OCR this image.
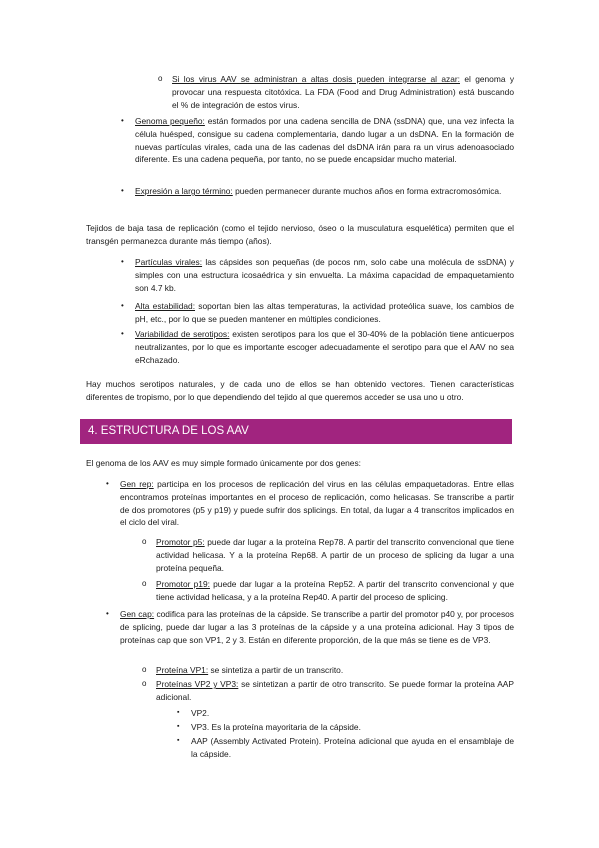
o	Si los virus AAV se administran a altas dosis pueden integrarse al azar: el genoma y provocar una respuesta citotóxica. La FDA (Food and Drug Administration) está buscando el % de integración de estos virus.

•	Genoma pequeño: están formados por una cadena sencilla de DNA (ssDNA) que, una vez infecta la célula huésped, consigue su cadena complementaria, dando lugar a un dsDNA. En la formación de nuevas partículas virales, cada una de las cadenas del dsDNA irán para ra un virus adenoasociado diferente. Es una cadena pequeña, por tanto, no se puede encapsidar mucho material.

•	Expresión a largo término: pueden permanecer durante muchos años en forma extracromosómica.

Tejidos de baja tasa de replicación (como el tejido nervioso, óseo o la musculatura esquelética) permiten que el transgén permanezca durante más tiempo (años).

•	Partículas virales: las cápsides son pequeñas (de pocos nm, solo cabe una molécula de ssDNA) y simples con una estructura icosaédrica y sin envuelta. La máxima capacidad de empaquetamiento son 4.7 kb.

•	Alta estabilidad: soportan bien las altas temperaturas, la actividad proteólica suave, los cambios de pH, etc., por lo que se pueden mantener en múltiples condiciones.

•	Variabilidad de serotipos: existen serotipos para los que el 30-40% de la población tiene anticuerpos neutralizantes, por lo que es importante escoger adecuadamente el serotipo para que el AAV no sea eRchazado.

Hay muchos serotipos naturales, y de cada uno de ellos se han obtenido vectores. Tienen características diferentes de tropismo, por lo que dependiendo del tejido al que queremos acceder se usa uno u otro.

4. ESTRUCTURA DE LOS AAV

El genoma de los AAV es muy simple formado únicamente por dos genes:

•	Gen rep: participa en los procesos de replicación del virus en las células empaquetadoras. Entre ellas encontramos proteínas importantes en el proceso de replicación, como helicasas. Se transcribe a partir de dos promotores (p5 y p19) y puede sufrir dos splicings. En total, da lugar a 4 transcritos implicados en el ciclo del viral.

o	Promotor p5: puede dar lugar a la proteína Rep78. A partir del transcrito convencional que tiene actividad helicasa. Y a la proteína Rep68. A partir de un proceso de splicing da lugar a una proteína pequeña.

o	Promotor p19: puede dar lugar a la proteína Rep52. A partir del transcrito convencional y que tiene actividad helicasa, y a la proteína Rep40. A partir del proceso de splicing.

•	Gen cap: codifica para las proteínas de la cápside. Se transcribe a partir del promotor p40 y, por procesos de splicing, puede dar lugar a las 3 proteínas de la cápside y a una proteína adicional. Hay 3 tipos de proteínas cap que son VP1, 2 y 3. Están en diferente proporción, de la que más se tiene es de VP3.

o	Proteína VP1: se sintetiza a partir de un transcrito.

o	Proteínas VP2 y VP3: se sintetizan a partir de otro transcrito. Se puede formar la proteína AAP adicional.

▪	VP2.

▪	VP3. Es la proteína mayoritaria de la cápside.

▪	AAP (Assembly Activated Protein). Proteína adicional que ayuda en el ensamblaje de la cápside.
